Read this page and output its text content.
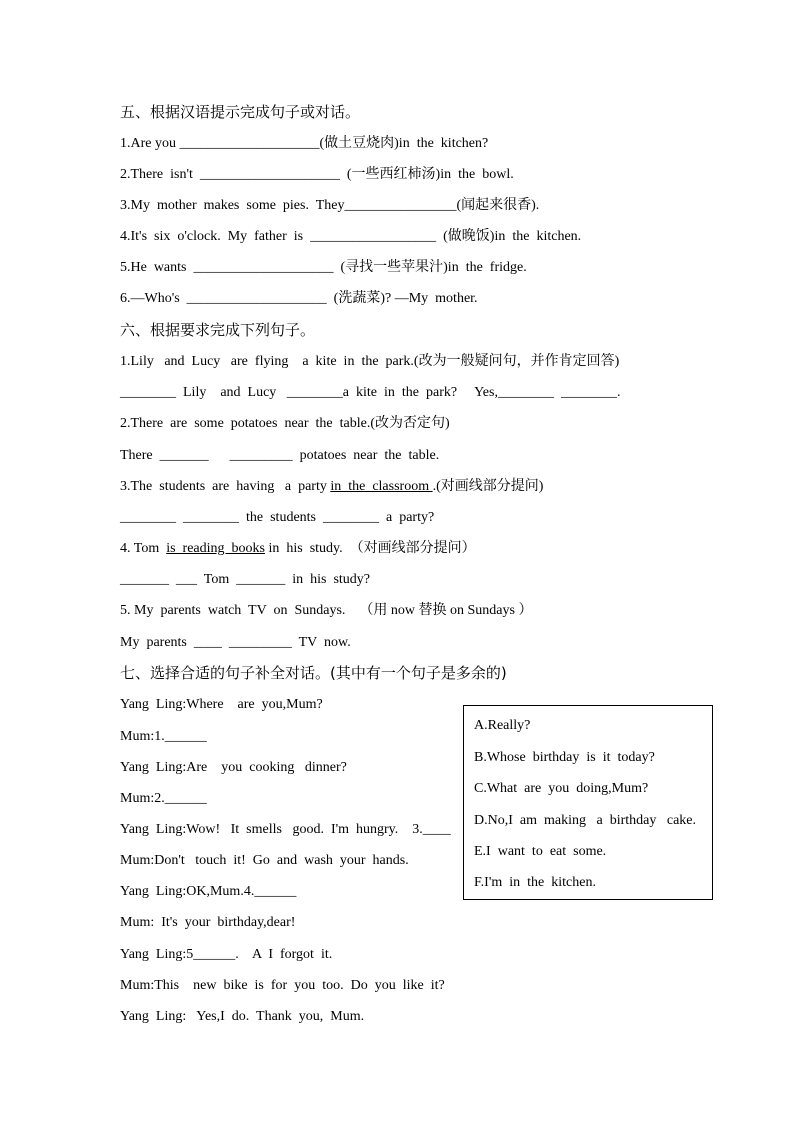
五、根据汉语提示完成句子或对话。
1.Are you ____________________(做土豆烧肉)in  the  kitchen?
2.There  isn't  ____________________  (一些西红柿汤)in  the  bowl.
3.My  mother  makes  some  pies.  They________________(闻起来很香).
4.It's  six  o'clock.  My  father  is  __________________  (做晚饭)in  the  kitchen.
5.He  wants  ____________________  (寻找一些苹果汁)in  the  fridge.
6.—Who's  ____________________  (洗蔬菜)? —My  mother.
六、根据要求完成下列句子。
1.Lily   and  Lucy   are  flying    a  kite  in  the  park.(改为一般疑问句，并作肯定回答)
________  Lily    and  Lucy   ________a  kite  in  the  park?     Yes,________  ________.
2.There  are  some  potatoes  near  the  table.(改为否定句)
There  _______      _________  potatoes  near  the  table.
3.The  students  are  having   a  party in  the  classroom .(对画线部分提问)
________  ________  the  students  ________  a  party?
4. Tom  is  reading  books in  his  study.  （对画线部分提问）
_______  ___  Tom  _______  in  his  study?
5. My  parents  watch  TV  on  Sundays.    （用 now 替换 on Sundays ）
My  parents  ____  _________  TV  now.
七、选择合适的句子补全对话。(其中有一个句子是多余的)
Yang  Ling:Where    are  you,Mum?
Mum:1.______
Yang  Ling:Are    you  cooking   dinner?
Mum:2.______
Yang  Ling:Wow!   It  smells   good.  I'm  hungry.    3.____
Mum:Don't   touch  it!  Go  and  wash  your  hands.
Yang  Ling:OK,Mum.4.______
Mum:  It's  your  birthday,dear!
Yang  Ling:5______.    A  I  forgot  it.
Mum:This    new  bike  is  for  you  too.  Do  you  like  it?
Yang  Ling:   Yes,I  do.  Thank  you,  Mum.
A.Really?
B.Whose  birthday  is  it  today?
C.What  are  you  doing,Mum?
D.No,I  am  making   a  birthday   cake.
E.I  want  to  eat  some.
F.I'm  in  the  kitchen.
